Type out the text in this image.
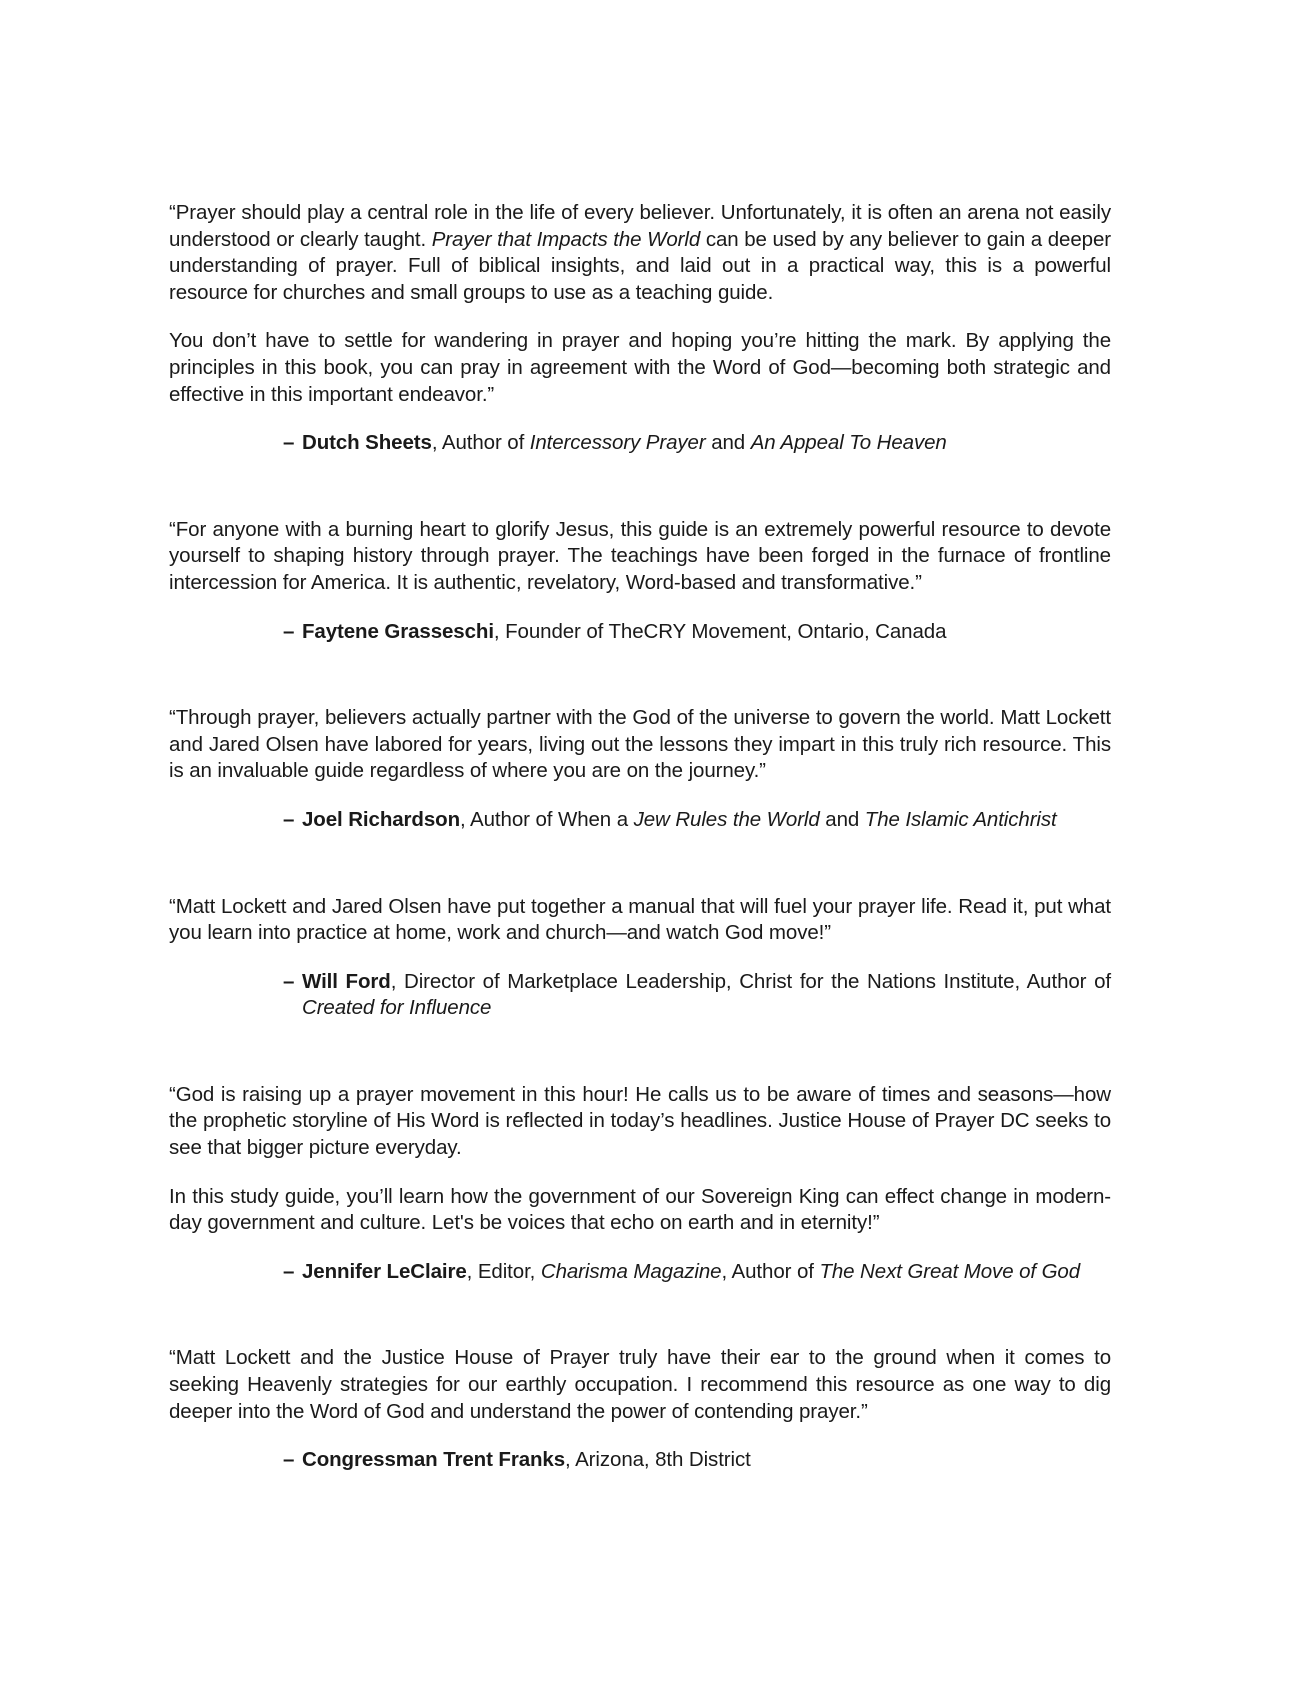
“Prayer should play a central role in the life of every believer. Unfortunately, it is often an arena not easily understood or clearly taught. Prayer that Impacts the World can be used by any believer to gain a deeper understanding of prayer. Full of biblical insights, and laid out in a practical way, this is a powerful resource for churches and small groups to use as a teaching guide.

You don’t have to settle for wandering in prayer and hoping you’re hitting the mark. By applying the principles in this book, you can pray in agreement with the Word of God—becoming both strategic and effective in this important endeavor.”

– Dutch Sheets, Author of Intercessory Prayer and An Appeal To Heaven

“For anyone with a burning heart to glorify Jesus, this guide is an extremely powerful resource to devote yourself to shaping history through prayer. The teachings have been forged in the furnace of frontline intercession for America. It is authentic, revelatory, Word-based and transformative.”

– Faytene Grasseschi, Founder of TheCRY Movement, Ontario, Canada

“Through prayer, believers actually partner with the God of the universe to govern the world. Matt Lockett and Jared Olsen have labored for years, living out the lessons they impart in this truly rich resource. This is an invaluable guide regardless of where you are on the journey.”

– Joel Richardson, Author of When a Jew Rules the World and The Islamic Antichrist

“Matt Lockett and Jared Olsen have put together a manual that will fuel your prayer life. Read it, put what you learn into practice at home, work and church—and watch God move!”

– Will Ford, Director of Marketplace Leadership, Christ for the Nations Institute, Author of Created for Influence

“God is raising up a prayer movement in this hour! He calls us to be aware of times and seasons—how the prophetic storyline of His Word is reflected in today’s headlines. Justice House of Prayer DC seeks to see that bigger picture everyday.

In this study guide, you’ll learn how the government of our Sovereign King can effect change in modern-day government and culture. Let's be voices that echo on earth and in eternity!”

– Jennifer LeClaire, Editor, Charisma Magazine, Author of The Next Great Move of God

“Matt Lockett and the Justice House of Prayer truly have their ear to the ground when it comes to seeking Heavenly strategies for our earthly occupation. I recommend this resource as one way to dig deeper into the Word of God and understand the power of contending prayer.”

– Congressman Trent Franks, Arizona, 8th District
